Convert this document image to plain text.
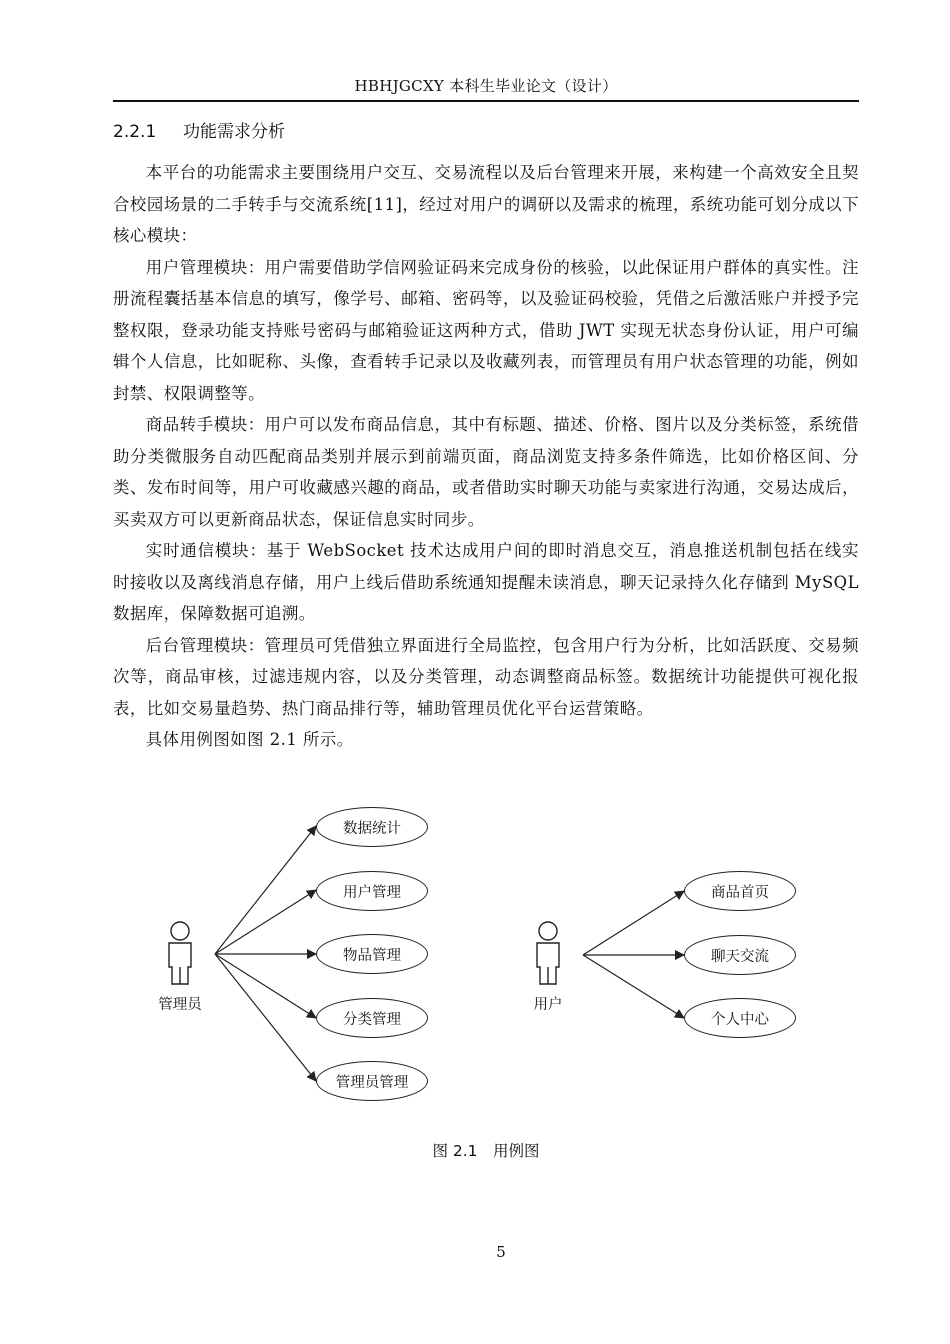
HBHJGCXY 本科生毕业论文（设计）
2.2.1 功能需求分析

本平台的功能需求主要围绕用户交互、交易流程以及后台管理来开展，来构建一个高效安全且契合校园场景的二手转手与交流系统[11]，经过对用户的调研以及需求的梳理，系统功能可划分成以下核心模块：

用户管理模块：用户需要借助学信网验证码来完成身份的核验，以此保证用户群体的真实性。注册流程囊括基本信息的填写，像学号、邮箱、密码等，以及验证码校验，凭借之后激活账户并授予完整权限，登录功能支持账号密码与邮箱验证这两种方式，借助 JWT 实现无状态身份认证，用户可编辑个人信息，比如昵称、头像，查看转手记录以及收藏列表，而管理员有用户状态管理的功能，例如封禁、权限调整等。

商品转手模块：用户可以发布商品信息，其中有标题、描述、价格、图片以及分类标签，系统借助分类微服务自动匹配商品类别并展示到前端页面，商品浏览支持多条件筛选，比如价格区间、分类、发布时间等，用户可收藏感兴趣的商品，或者借助实时聊天功能与卖家进行沟通，交易达成后，买卖双方可以更新商品状态，保证信息实时同步。

实时通信模块：基于 WebSocket 技术达成用户间的即时消息交互，消息推送机制包括在线实时接收以及离线消息存储，用户上线后借助系统通知提醒未读消息，聊天记录持久化存储到 MySQL 数据库，保障数据可追溯。

后台管理模块：管理员可凭借独立界面进行全局监控，包含用户行为分析，比如活跃度、交易频次等，商品审核，过滤违规内容，以及分类管理，动态调整商品标签。数据统计功能提供可视化报表，比如交易量趋势、热门商品排行等，辅助管理员优化平台运营策略。

具体用例图如图 2.1 所示。

数据统计
用户管理
物品管理
分类管理
管理员管理
商品首页
聊天交流
个人中心
管理员	用户
图 2.1　用例图
5
